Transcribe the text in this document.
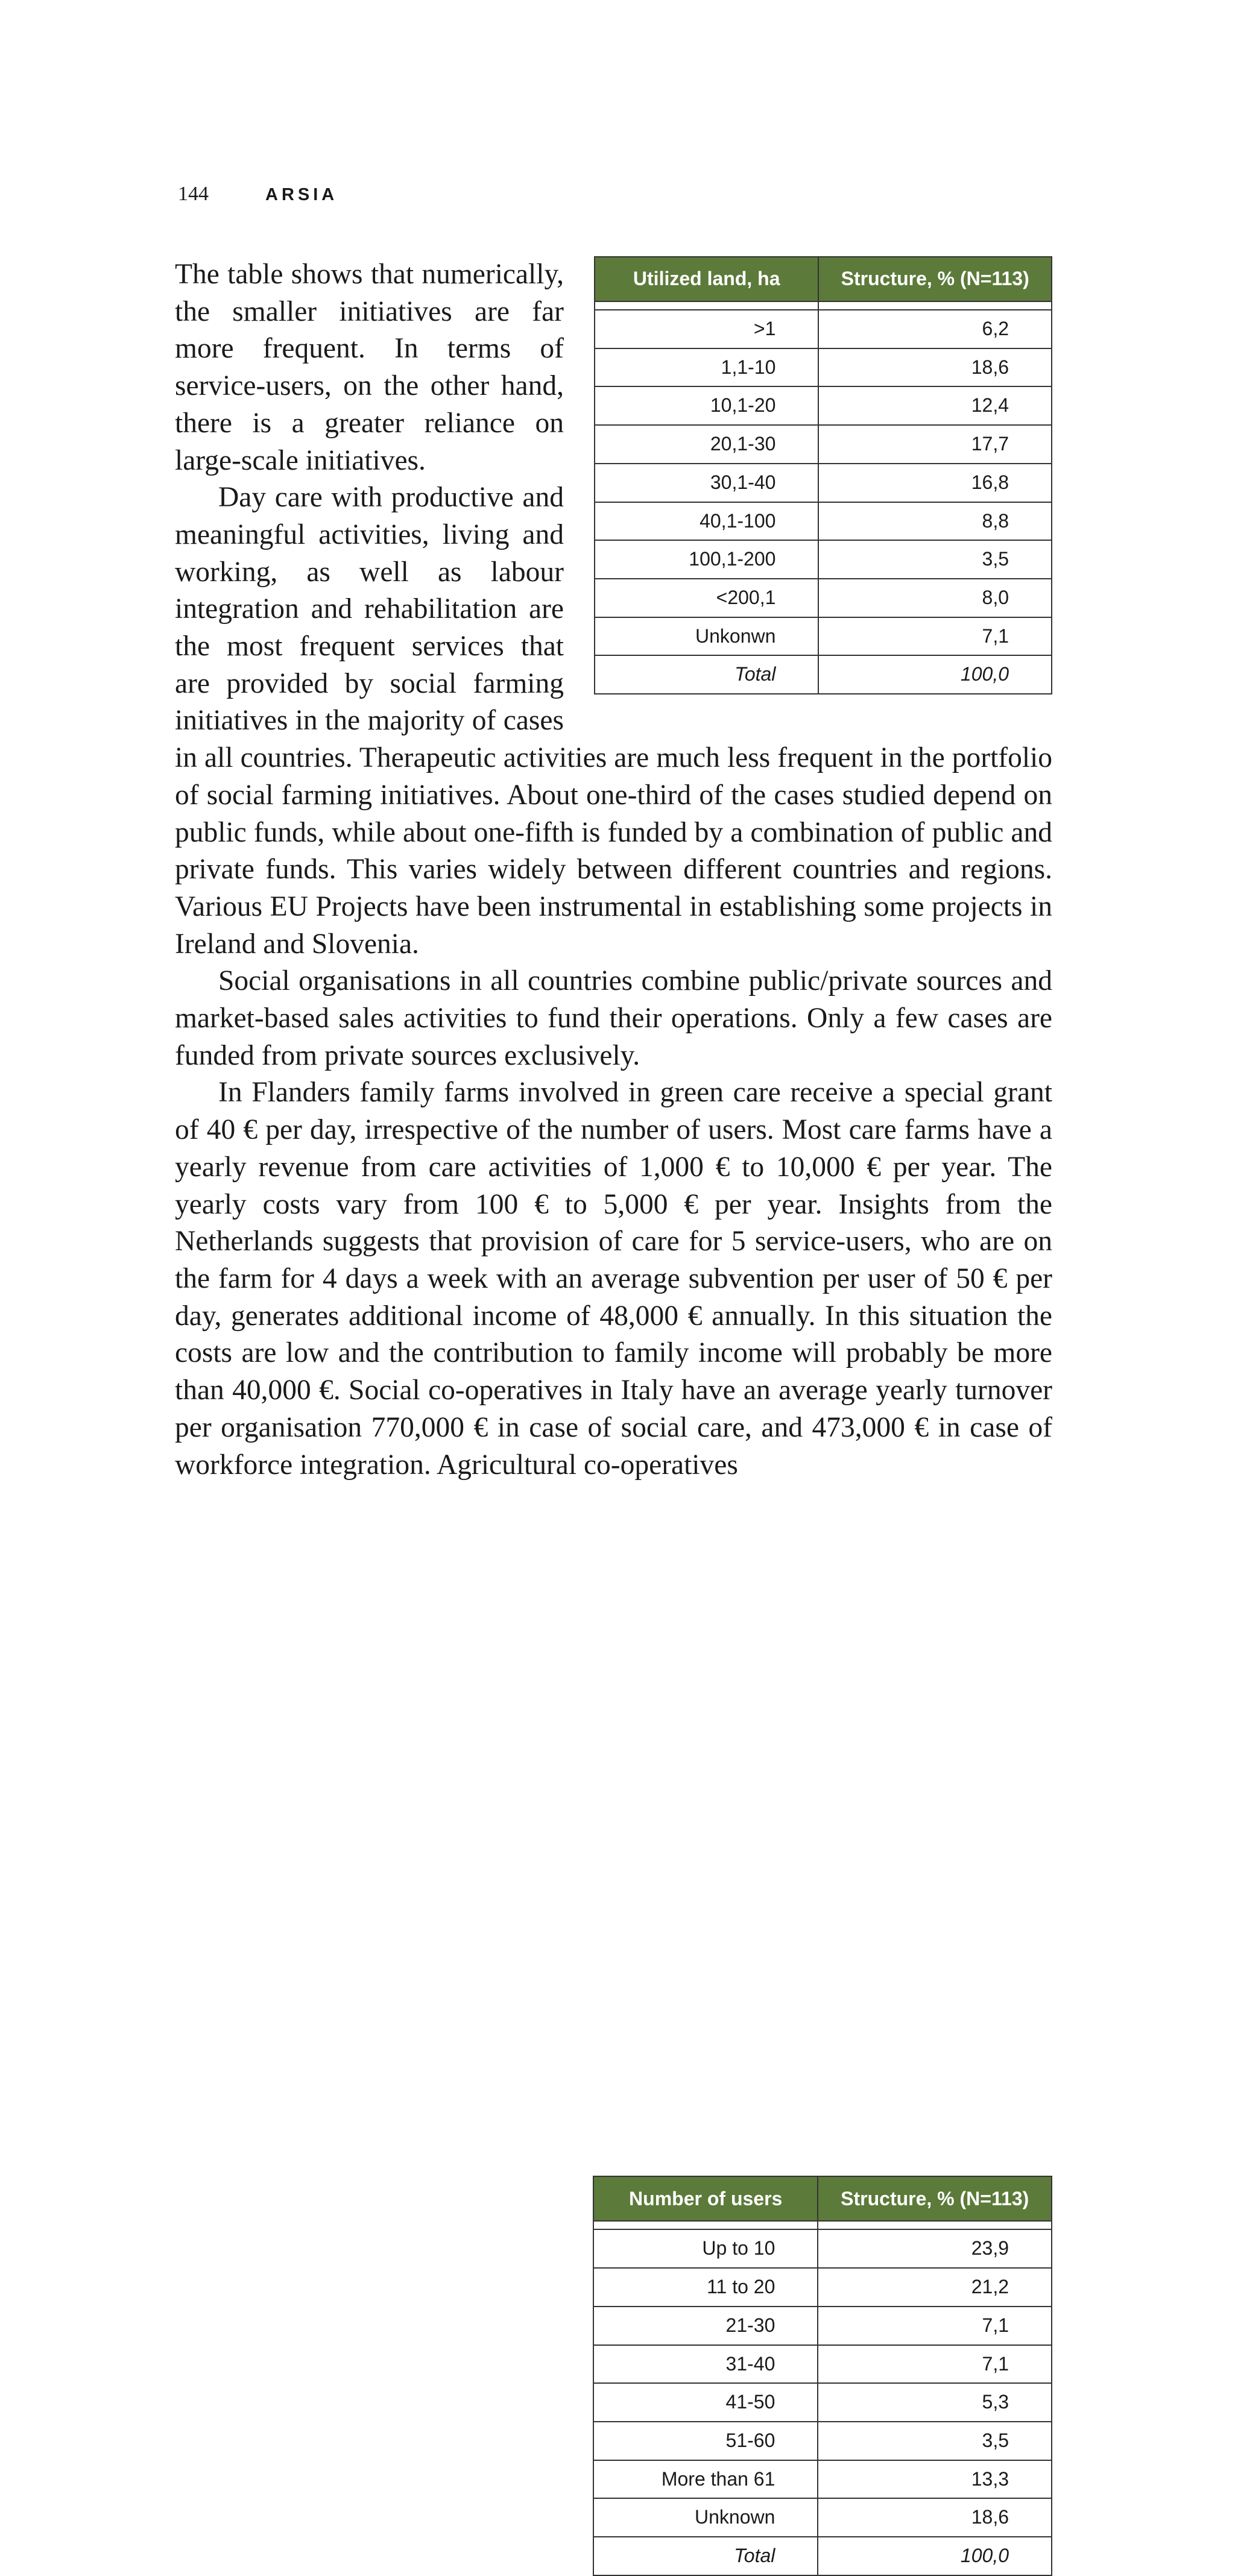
144	ARSIA
Utilized land, ha	Structure, % (N=113)

>1	6,2
1,1-10	18,6
10,1-20	12,4
20,1-30	17,7
30,1-40	16,8
40,1-100	8,8
100,1-200	3,5
<200,1	8,0
Unkonwn	7,1
Total	100,0

The table shows that numerically, the smaller initiatives are far more frequent. In terms of service-users, on the other hand, there is a greater reliance on large-scale initiatives.

Day care with productive and meaningful activities, living and working, as well as labour integration and rehabilitation are the most frequent services that are provided by social farming initiatives in the majority of cases in all countries. Therapeutic activities are much less frequent in the portfolio of social farming initiatives. About one-third of the cases studied depend on public funds, while about one-fifth is funded by a combination of public and private funds. This varies widely between different countries and regions. Various EU Projects have been instrumental in establishing some projects in Ireland and Slovenia.

Social organisations in all countries combine public/private sources and market-based sales activities to fund their operations. Only a few cases are funded from private sources exclusively.

Number of users	Structure, % (N=113)

Up to 10	23,9
11 to 20	21,2
21-30	7,1
31-40	7,1
41-50	5,3
51-60	3,5
More than 61	13,3
Unknown	18,6
Total	100,0

In Flanders family farms involved in green care receive a special grant of 40 € per day, irrespective of the number of users. Most care farms have a yearly revenue from care activities of 1,000 € to 10,000 € per year. The yearly costs vary from 100 € to 5,000 € per year. Insights from the Netherlands suggests that provision of care for 5 service-users, who are on the farm for 4 days a week with an average subvention per user of 50 € per day, generates additional income of 48,000 € annually. In this situation the costs are low and the contribution to family income will probably be more than 40,000 €. Social co-operatives in Italy have an average yearly turnover per organisation 770,000 € in case of social care, and 473,000 € in case of workforce integration. Agricultural co-operatives
